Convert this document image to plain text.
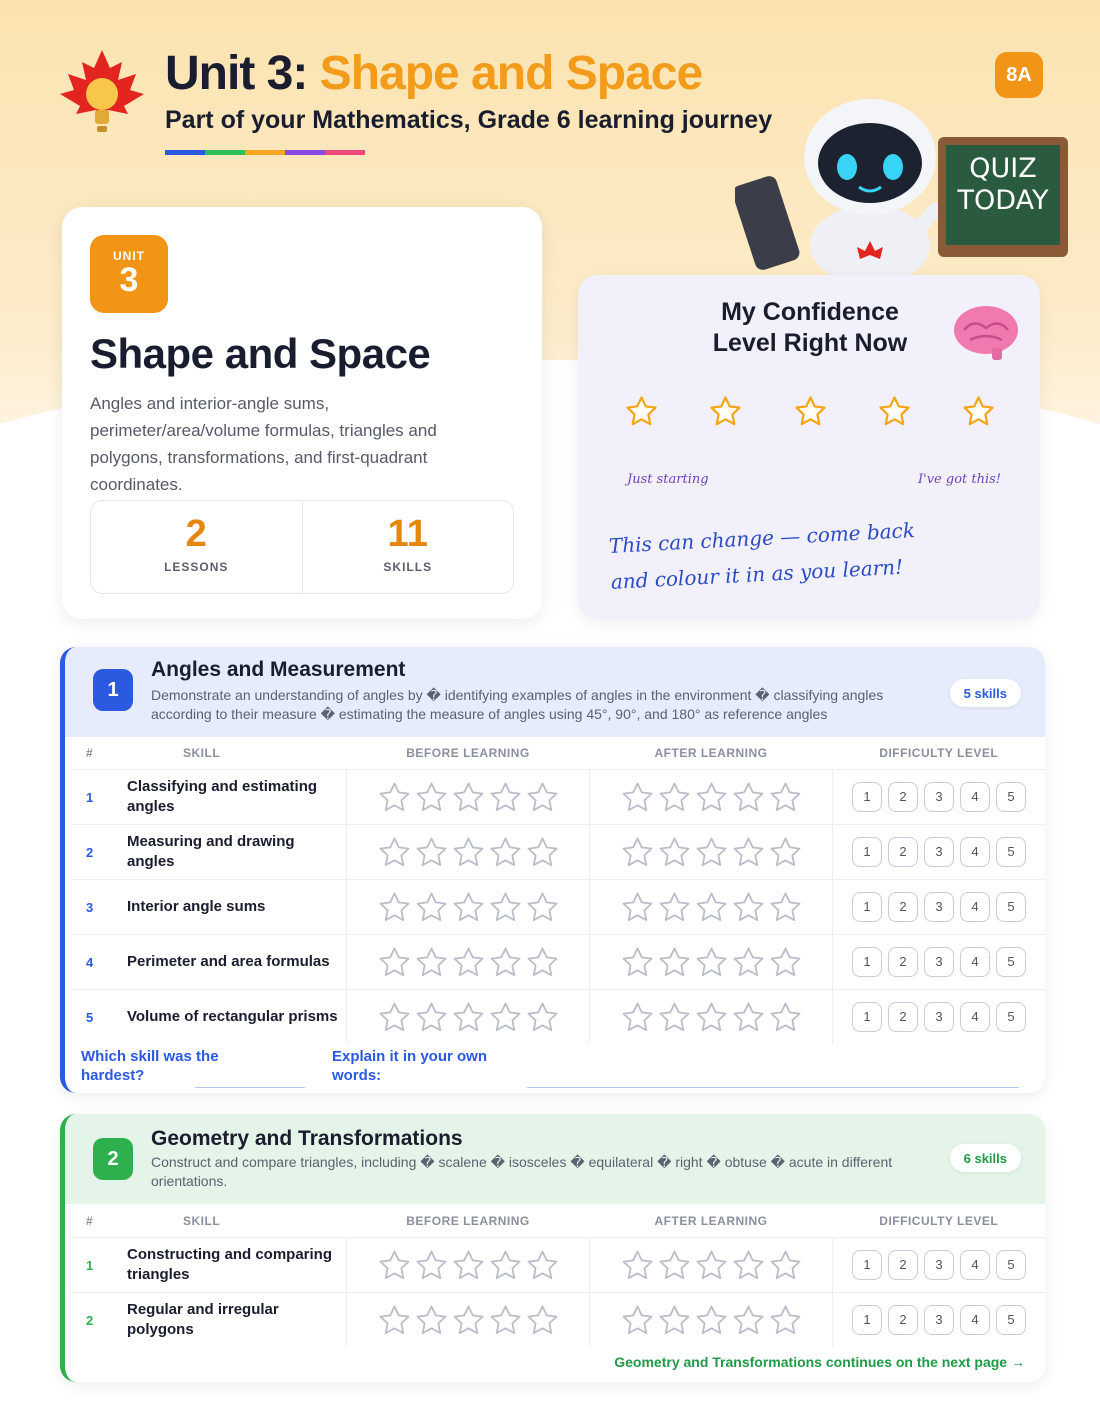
Unit 3: Shape and Space
Part of your Mathematics, Grade 6 learning journey
8A
QUIZ
TODAY
UNIT
3
Shape and Space

Angles and interior-angle sums, perimeter/area/volume formulas, triangles and polygons, transformations, and first-quadrant coordinates.

2
LESSONS
11
SKILLS
My Confidence
Level Right Now
Just starting	I've got this!
This can change — come back
and colour it in as you learn!
1
Angles and Measurement

Demonstrate an understanding of angles by � identifying examples of angles in the environment � classifying angles according to their measure � estimating the measure of angles using 45°, 90°, and 180° as reference angles

5 skills
#	SKILL	BEFORE LEARNING	AFTER LEARNING	DIFFICULTY LEVEL
1	Classifying and estimating angles			1 2 3 4 5
2	Measuring and drawing angles			1 2 3 4 5
3	Interior angle sums			1 2 3 4 5
4	Perimeter and area formulas			1 2 3 4 5
5	Volume of rectangular prisms			1 2 3 4 5
Which skill was the hardest?
Explain it in your own words:
2
Geometry and Transformations

Construct and compare triangles, including � scalene � isosceles � equilateral � right � obtuse � acute in different orientations.

6 skills
#	SKILL	BEFORE LEARNING	AFTER LEARNING	DIFFICULTY LEVEL
1	Constructing and comparing triangles			1 2 3 4 5
2	Regular and irregular polygons			1 2 3 4 5
Geometry and Transformations continues on the next page →
